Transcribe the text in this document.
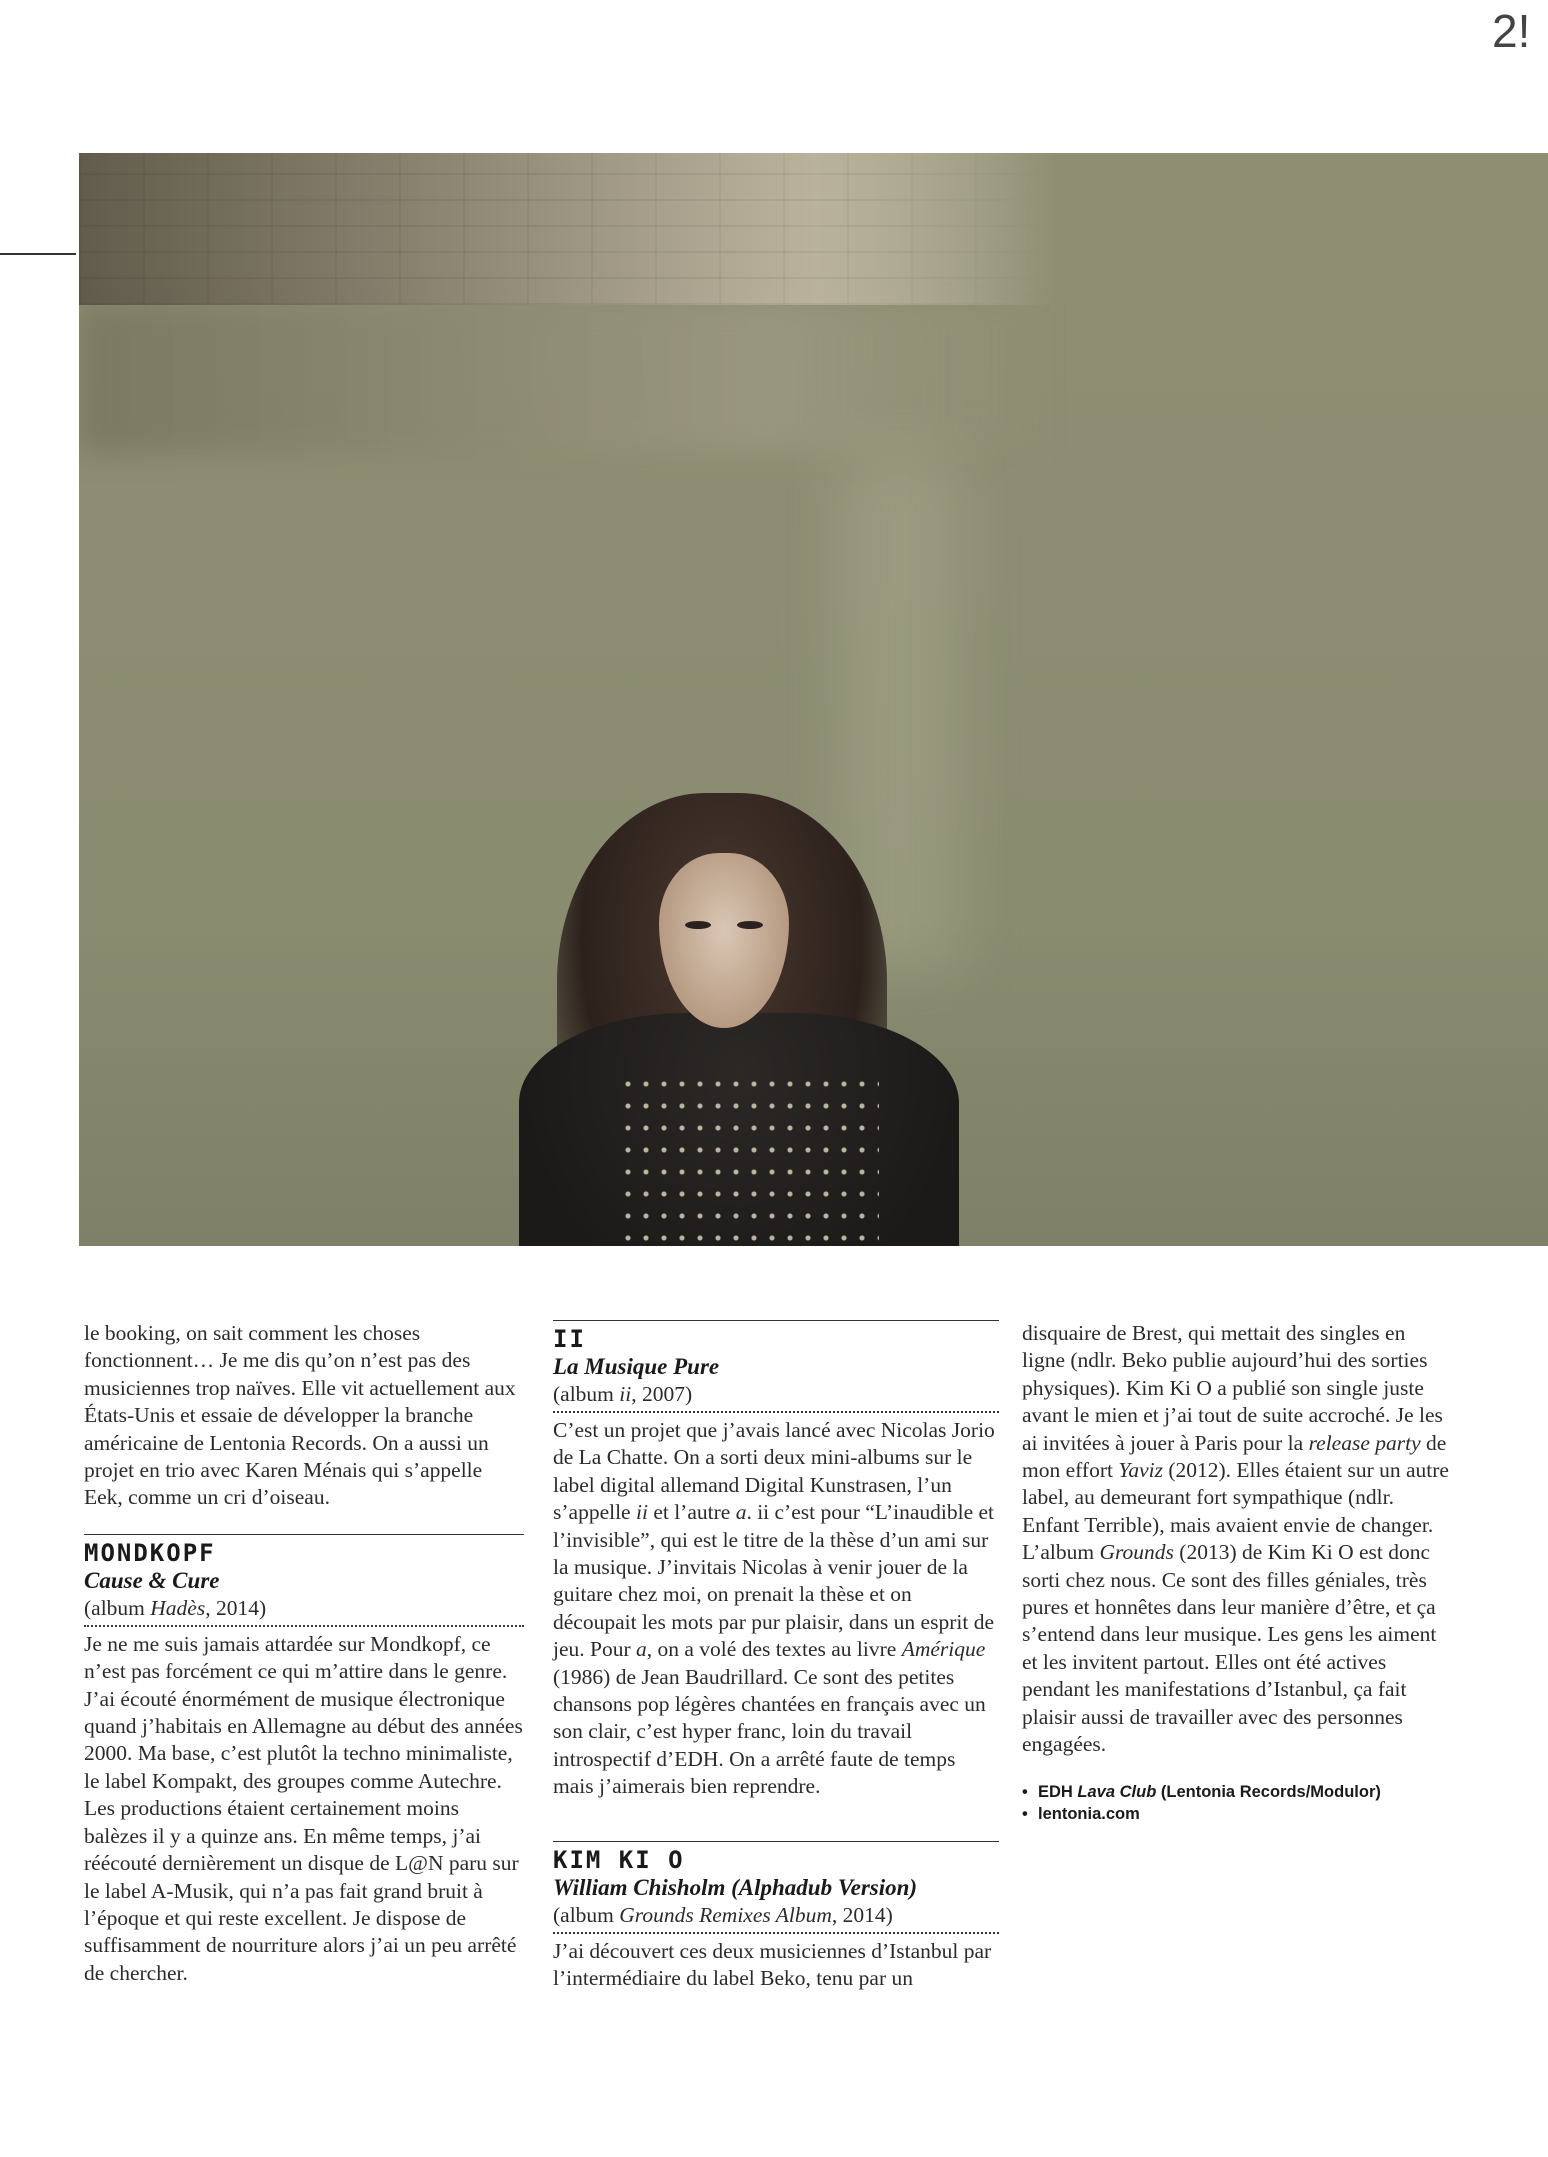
2!

le booking, on sait comment les choses fonctionnent… Je me dis qu’on n’est pas des musiciennes trop naïves. Elle vit actuellement aux États-Unis et essaie de développer la branche américaine de Lentonia Records. On a aussi un projet en trio avec Karen Ménais qui s’appelle Eek, comme un cri d’oiseau.

MONDKOPF
Cause & Cure
(album Hadès, 2014)

Je ne me suis jamais attardée sur Mondkopf, ce n’est pas forcément ce qui m’attire dans le genre. J’ai écouté énormément de musique électronique quand j’habitais en Allemagne au début des années 2000. Ma base, c’est plutôt la techno minimaliste, le label Kompakt, des groupes comme Autechre. Les productions étaient certainement moins balèzes il y a quinze ans. En même temps, j’ai réécouté dernièrement un disque de L@N paru sur le label A-Musik, qui n’a pas fait grand bruit à l’époque et qui reste excellent. Je dispose de suffisamment de nourriture alors j’ai un peu arrêté de chercher.

II
La Musique Pure
(album ii, 2007)

C’est un projet que j’avais lancé avec Nicolas Jorio de La Chatte. On a sorti deux mini-albums sur le label digital allemand Digital Kunstrasen, l’un s’appelle ii et l’autre a. ii c’est pour “L’inaudible et l’invisible”, qui est le titre de la thèse d’un ami sur la musique. J’invitais Nicolas à venir jouer de la guitare chez moi, on prenait la thèse et on découpait les mots par pur plaisir, dans un esprit de jeu. Pour a, on a volé des textes au livre Amérique (1986) de Jean Baudrillard. Ce sont des petites chansons pop légères chantées en français avec un son clair, c’est hyper franc, loin du travail introspectif d’EDH. On a arrêté faute de temps mais j’aimerais bien reprendre.

KIM KI O
William Chisholm (Alphadub Version)
(album Grounds Remixes Album, 2014)

J’ai découvert ces deux musiciennes d’Istanbul par l’intermédiaire du label Beko, tenu par un

disquaire de Brest, qui mettait des singles en ligne (ndlr. Beko publie aujourd’hui des sorties physiques). Kim Ki O a publié son single juste avant le mien et j’ai tout de suite accroché. Je les ai invitées à jouer à Paris pour la release party de mon effort Yaviz (2012). Elles étaient sur un autre label, au demeurant fort sympathique (ndlr. Enfant Terrible), mais avaient envie de changer. L’album Grounds (2013) de Kim Ki O est donc sorti chez nous. Ce sont des filles géniales, très pures et honnêtes dans leur manière d’être, et ça s’entend dans leur musique. Les gens les aiment et les invitent partout. Elles ont été actives pendant les manifestations d’Istanbul, ça fait plaisir aussi de travailler avec des personnes engagées.

• EDH Lava Club (Lentonia Records/Modulor)
• lentonia.com
